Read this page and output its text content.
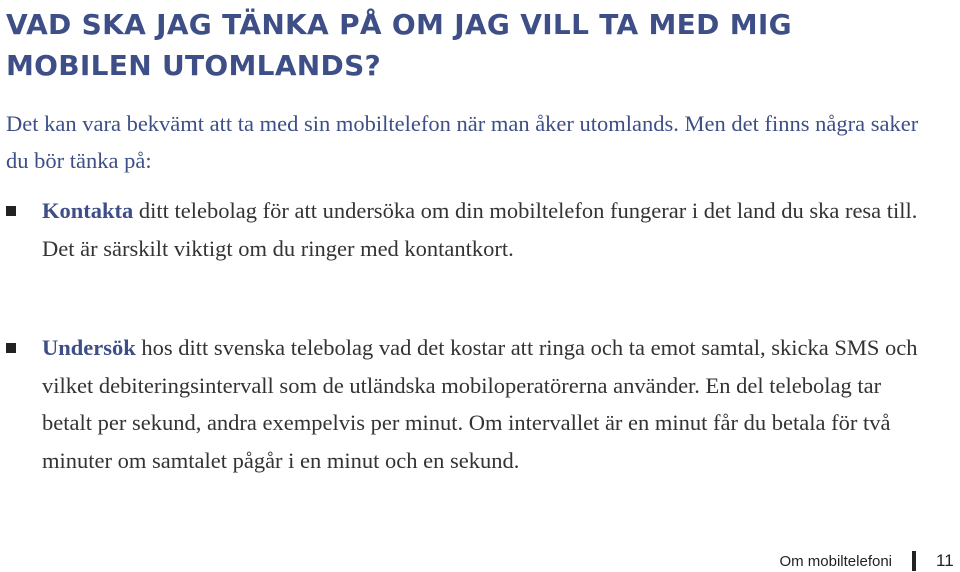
VAD SKA JAG TÄNKA PÅ OM JAG VILL TA MED MIG MOBILEN UTOMLANDS?

Det kan vara bekvämt att ta med sin mobiltelefon när man åker utomlands. Men det finns några saker du bör tänka på:

Kontakta ditt telebolag för att undersöka om din mobiltelefon fungerar i det land du ska resa till. Det är särskilt viktigt om du ringer med kontantkort.
Undersök hos ditt svenska telebolag vad det kostar att ringa och ta emot samtal, skicka SMS och vilket debiteringsintervall som de utländska mobiloperatörerna använder. En del telebolag tar betalt per sekund, andra exempelvis per minut. Om intervallet är en minut får du betala för två minuter om samtalet pågår i en minut och en sekund.
Om mobiltelefoni	11
